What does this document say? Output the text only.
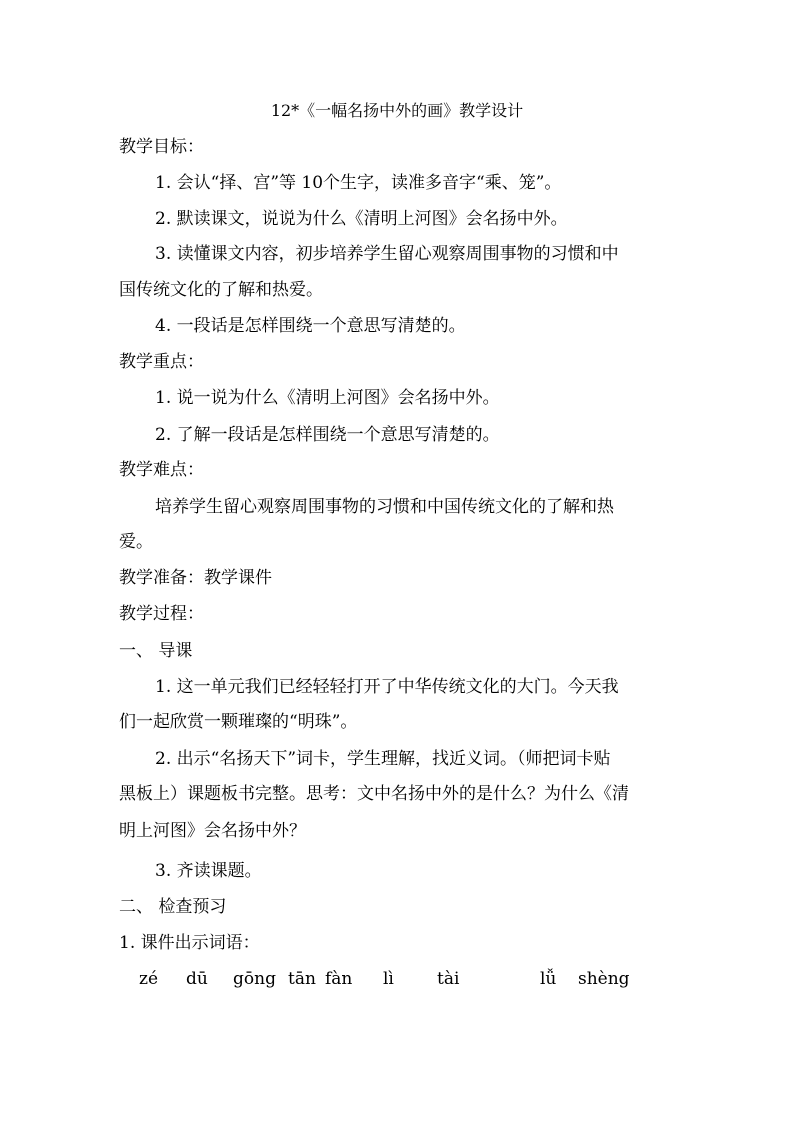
12*《一幅名扬中外的画》教学设计
教学目标：
1. 会认“择、宫”等 10个生字，读准多音字“乘、笼”。
2. 默读课文，说说为什么《清明上河图》会名扬中外。
3. 读懂课文内容，初步培养学生留心观察周围事物的习惯和中
国传统文化的了解和热爱。
4. 一段话是怎样围绕一个意思写清楚的。
教学重点：
1. 说一说为什么《清明上河图》会名扬中外。
2. 了解一段话是怎样围绕一个意思写清楚的。
教学难点：
培养学生留心观察周围事物的习惯和中国传统文化的了解和热
爱。
教学准备：教学课件
教学过程：
一、 导课
1. 这一单元我们已经轻轻打开了中华传统文化的大门。今天我
们一起欣赏一颗璀璨的“明珠”。
2. 出示“名扬天下”词卡，学生理解，找近义词。（师把词卡贴
黑板上）课题板书完整。思考：文中名扬中外的是什么？为什么《清
明上河图》会名扬中外？
3. 齐读课题。
二、 检查预习
1. 课件出示词语：
zé dū gōng tān fàn lì	tài	lǚ shèng
